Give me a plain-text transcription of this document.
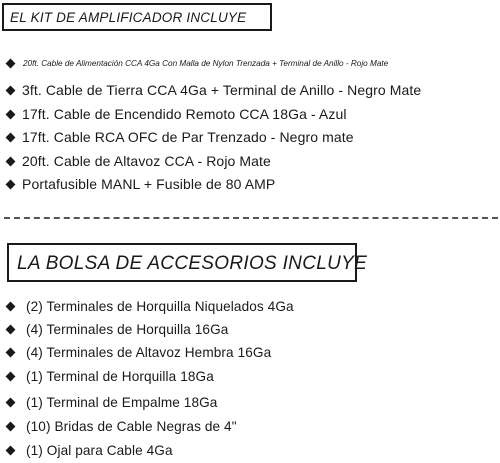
EL KIT DE AMPLIFICADOR INCLUYE
20ft. Cable de Alimentación CCA 4Ga Con Malla de Nylon Trenzada + Terminal de Anillo - Rojo Mate
3ft. Cable de Tierra CCA 4Ga + Terminal de Anillo - Negro Mate
17ft. Cable de Encendido Remoto CCA 18Ga - Azul
17ft. Cable RCA OFC de Par Trenzado - Negro mate
20ft. Cable de Altavoz CCA - Rojo Mate
Portafusible MANL + Fusible de 80 AMP
LA BOLSA DE ACCESORIOS INCLUYE
(2) Terminales de Horquilla Niquelados 4Ga
(4) Terminales de Horquilla 16Ga
(4) Terminales de Altavoz Hembra 16Ga
(1) Terminal de Horquilla 18Ga
(1) Terminal de Empalme 18Ga
(10) Bridas de Cable Negras de 4"
(1) Ojal para Cable 4Ga
